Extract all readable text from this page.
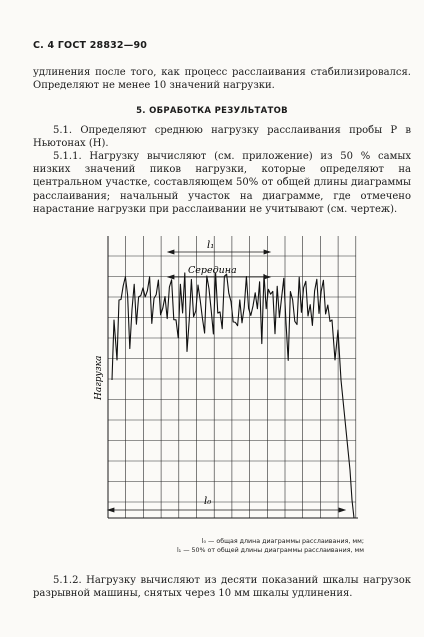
С. 4 ГОСТ 28832—90
удлинения после того, как процесс расслаивания стабилизировался. Определяют не менее 10 значений нагрузки.
5. ОБРАБОТКА РЕЗУЛЬТАТОВ
5.1. Определяют среднюю нагрузку расслаивания пробы P в Ньютонах (Н).
5.1.1. Нагрузку вычисляют (см. приложение) из 50 % самых низких значений пиков нагрузки, которые определяют на центральном участке, составляющем 50% от общей длины диаграммы расслаивания; начальный участок на диаграмме, где отмечено нарастание нагрузки при расслаивании не учитывают (см. чертеж).
l₁
Середина
Нагрузка
l₀
l₀ — общая длина диаграммы расслаивания, мм;
l₁ — 50% от общей длины диаграммы расслаивания, мм
5.1.2. Нагрузку вычисляют из десяти показаний шкалы нагрузок разрывной машины, снятых через 10 мм шкалы удлинения.
